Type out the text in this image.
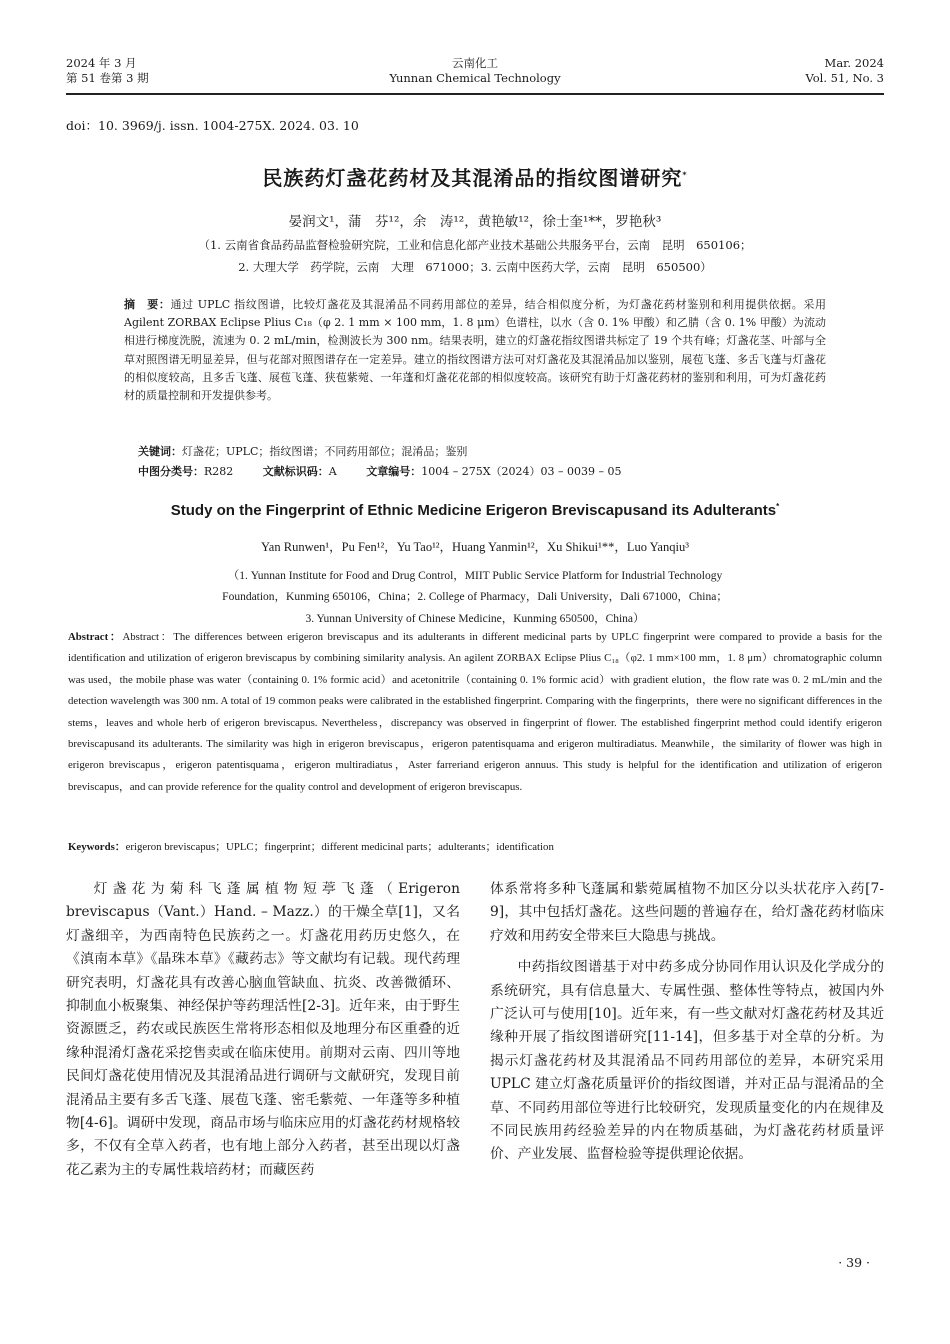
2024 年 3 月
第 51 卷第 3 期
云南化工
Yunnan Chemical Technology
Mar. 2024
Vol. 51, No. 3
doi：10. 3969/j. issn. 1004-275X. 2024. 03. 10
民族药灯盏花药材及其混淆品的指纹图谱研究*
晏润文¹，蒲　芬¹²，余　涛¹²，黄艳敏¹²，徐士奎¹**，罗艳秋³
（1. 云南省食品药品监督检验研究院，工业和信息化部产业技术基础公共服务平台，云南　昆明　650106；
2. 大理大学　药学院，云南　大理　671000；3. 云南中医药大学，云南　昆明　650500）
摘　要：通过 UPLC 指纹图谱，比较灯盏花及其混淆品不同药用部位的差异，结合相似度分析，为灯盏花药材鉴别和利用提供依据。采用 Agilent ZORBAX Eclipse Plius C₁₈（φ 2. 1 mm × 100 mm，1. 8 μm）色谱柱，以水（含 0. 1% 甲酸）和乙腈（含 0. 1% 甲酸）为流动相进行梯度洗脱，流速为 0. 2 mL/min，检测波长为 300 nm。结果表明，建立的灯盏花指纹图谱共标定了 19 个共有峰；灯盏花茎、叶部与全草对照图谱无明显差异，但与花部对照图谱存在一定差异。建立的指纹图谱方法可对灯盏花及其混淆品加以鉴别，展苞飞蓬、多舌飞蓬与灯盏花的相似度较高，且多舌飞蓬、展苞飞蓬、狭苞紫菀、一年蓬和灯盏花花部的相似度较高。该研究有助于灯盏花药材的鉴别和利用，可为灯盏花药材的质量控制和开发提供参考。
关键词：灯盏花；UPLC；指纹图谱；不同药用部位；混淆品；鉴别
中图分类号：R282	文献标识码：A	文章编号：1004 – 275X（2024）03 – 0039 – 05
Study on the Fingerprint of Ethnic Medicine Erigeron Breviscapusand its Adulterants*
Yan Runwen¹，Pu Fen¹²，Yu Tao¹²，Huang Yanmin¹²，Xu Shikui¹**，Luo Yanqiu³
（1. Yunnan Institute for Food and Drug Control，MIIT Public Service Platform for Industrial Technology
Foundation，Kunming 650106，China；2. College of Pharmacy，Dali University，Dali 671000，China；
3. Yunnan University of Chinese Medicine，Kunming 650500，China）
Abstract：Abstract：The differences between erigeron breviscapus and its adulterants in different medicinal parts by UPLC fingerprint were compared to provide a basis for the identification and utilization of erigeron breviscapus by combining similarity analysis. An agilent ZORBAX Eclipse Plius C₁₈（φ2. 1 mm×100 mm，1. 8 μm）chromatographic column was used，the mobile phase was water（containing 0. 1% formic acid）and acetonitrile（containing 0. 1% formic acid）with gradient elution，the flow rate was 0. 2 mL/min and the detection wavelength was 300 nm. A total of 19 common peaks were calibrated in the established fingerprint. Comparing with the fingerprints，there were no significant differences in the stems，leaves and whole herb of erigeron breviscapus. Nevertheless，discrepancy was observed in fingerprint of flower. The established fingerprint method could identify erigeron breviscapusand its adulterants. The similarity was high in erigeron breviscapus，erigeron patentisquama and erigeron multiradiatus. Meanwhile，the similarity of flower was high in erigeron breviscapus，erigeron patentisquama，erigeron multiradiatus，Aster farreriand erigeron annuus. This study is helpful for the identification and utilization of erigeron breviscapus，and can provide reference for the quality control and development of erigeron breviscapus.
Keywords：erigeron breviscapus；UPLC；fingerprint；different medicinal parts；adulterants；identification

灯盏花为菊科飞蓬属植物短葶飞蓬（Erigeron breviscapus（Vant.）Hand. – Mazz.）的干燥全草[1]，又名灯盏细辛，为西南特色民族药之一。灯盏花用药历史悠久，在《滇南本草》《晶珠本草》《藏药志》等文献均有记载。现代药理研究表明，灯盏花具有改善心脑血管缺血、抗炎、改善微循环、抑制血小板聚集、神经保护等药理活性[2-3]。近年来，由于野生资源匮乏，药农或民族医生常将形态相似及地理分布区重叠的近缘种混淆灯盏花采挖售卖或在临床使用。前期对云南、四川等地民间灯盏花使用情况及其混淆品进行调研与文献研究，发现目前混淆品主要有多舌飞蓬、展苞飞蓬、密毛紫菀、一年蓬等多种植物[4-6]。调研中发现，商品市场与临床应用的灯盏花药材规格较多，不仅有全草入药者，也有地上部分入药者，甚至出现以灯盏花乙素为主的专属性栽培药材；而藏医药

体系常将多种飞蓬属和紫菀属植物不加区分以头状花序入药[7-9]，其中包括灯盏花。这些问题的普遍存在，给灯盏花药材临床疗效和用药安全带来巨大隐患与挑战。

中药指纹图谱基于对中药多成分协同作用认识及化学成分的系统研究，具有信息量大、专属性强、整体性等特点，被国内外广泛认可与使用[10]。近年来，有一些文献对灯盏花药材及其近缘种开展了指纹图谱研究[11-14]，但多基于对全草的分析。为揭示灯盏花药材及其混淆品不同药用部位的差异，本研究采用 UPLC 建立灯盏花质量评价的指纹图谱，并对正品与混淆品的全草、不同药用部位等进行比较研究，发现质量变化的内在规律及不同民族用药经验差异的内在物质基础，为灯盏花药材质量评价、产业发展、监督检验等提供理论依据。

· 39 ·
